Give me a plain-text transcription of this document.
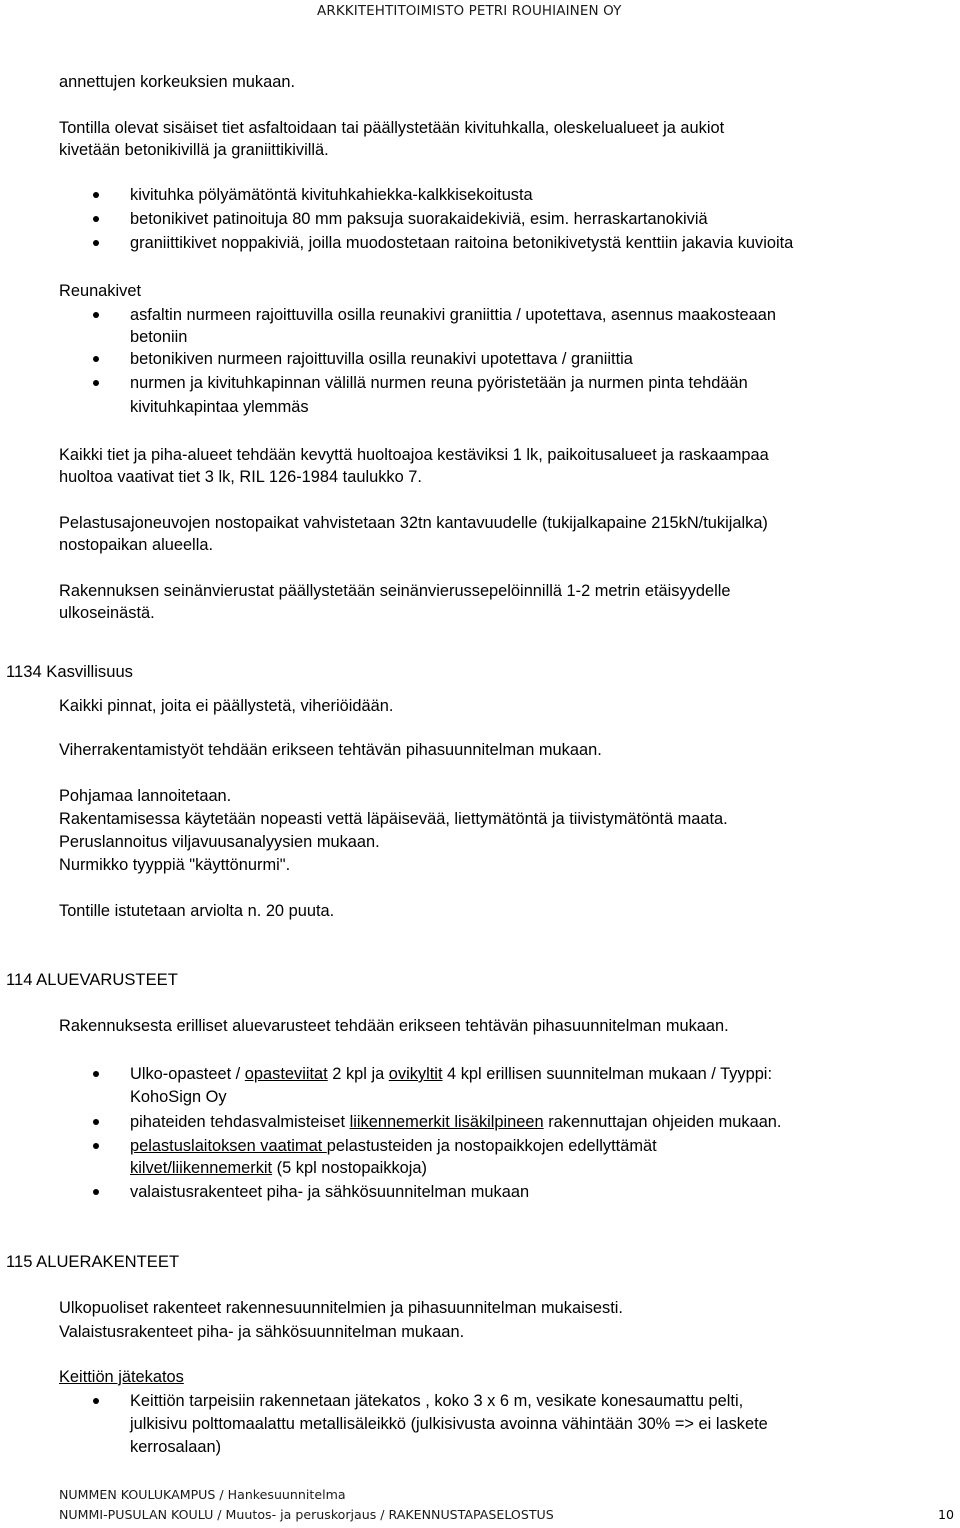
ARKKITEHTITOIMISTO PETRI ROUHIAINEN OY
annettujen korkeuksien mukaan.
Tontilla olevat sisäiset tiet asfaltoidaan tai päällystetään kivituhkalla, oleskelualueet ja aukiot
kivetään betonikivillä ja graniittikivillä.
kivituhka pölyämätöntä kivituhkahiekka-kalkkisekoitusta
betonikivet patinoituja 80 mm paksuja suorakaidekiviä, esim. herraskartanokiviä
graniittikivet noppakiviä, joilla muodostetaan raitoina betonikivetystä kenttiin jakavia kuvioita
Reunakivet
asfaltin nurmeen rajoittuvilla osilla reunakivi graniittia / upotettava, asennus maakosteaan
betoniin
betonikiven nurmeen rajoittuvilla osilla reunakivi upotettava / graniittia
nurmen ja kivituhkapinnan välillä nurmen reuna pyöristetään ja nurmen pinta tehdään
kivituhkapintaa ylemmäs
Kaikki tiet ja piha-alueet tehdään kevyttä huoltoajoa kestäviksi 1 lk, paikoitusalueet ja raskaampaa
huoltoa vaativat tiet 3 lk, RIL 126-1984 taulukko 7.
Pelastusajoneuvojen nostopaikat vahvistetaan 32tn kantavuudelle (tukijalkapaine 215kN/tukijalka)
nostopaikan alueella.
Rakennuksen seinänvierustat päällystetään seinänvierussepelöinnillä 1-2 metrin etäisyydelle
ulkoseinästä.
1134 Kasvillisuus
Kaikki pinnat, joita ei päällystetä, viheriöidään.
Viherrakentamistyöt tehdään erikseen tehtävän pihasuunnitelman mukaan.
Pohjamaa lannoitetaan.
Rakentamisessa käytetään nopeasti vettä läpäisevää, liettymätöntä ja tiivistymätöntä maata.
Peruslannoitus viljavuusanalyysien mukaan.
Nurmikko tyyppiä "käyttönurmi".
Tontille istutetaan arviolta n. 20 puuta.
114 ALUEVARUSTEET
Rakennuksesta erilliset aluevarusteet tehdään erikseen tehtävän pihasuunnitelman mukaan.
Ulko-opasteet / opasteviitat 2 kpl ja ovikyltit 4 kpl erillisen suunnitelman mukaan / Tyyppi:
KohoSign Oy
pihateiden tehdasvalmisteiset liikennemerkit lisäkilpineen rakennuttajan ohjeiden mukaan.
pelastuslaitoksen vaatimat pelastusteiden ja nostopaikkojen edellyttämät
kilvet/liikennemerkit (5 kpl nostopaikkoja)
valaistusrakenteet piha- ja sähkösuunnitelman mukaan
115 ALUERAKENTEET
Ulkopuoliset rakenteet rakennesuunnitelmien ja pihasuunnitelman mukaisesti.
Valaistusrakenteet piha- ja sähkösuunnitelman mukaan.
Keittiön jätekatos
Keittiön tarpeisiin rakennetaan jätekatos , koko 3 x 6 m, vesikate konesaumattu pelti,
julkisivu polttomaalattu metallisäleikkö (julkisivusta avoinna vähintään 30% => ei laskete
kerrosalaan)
NUMMEN KOULUKAMPUS / Hankesuunnitelma
NUMMI-PUSULAN KOULU / Muutos- ja peruskorjaus / RAKENNUSTAPASELOSTUS	10
